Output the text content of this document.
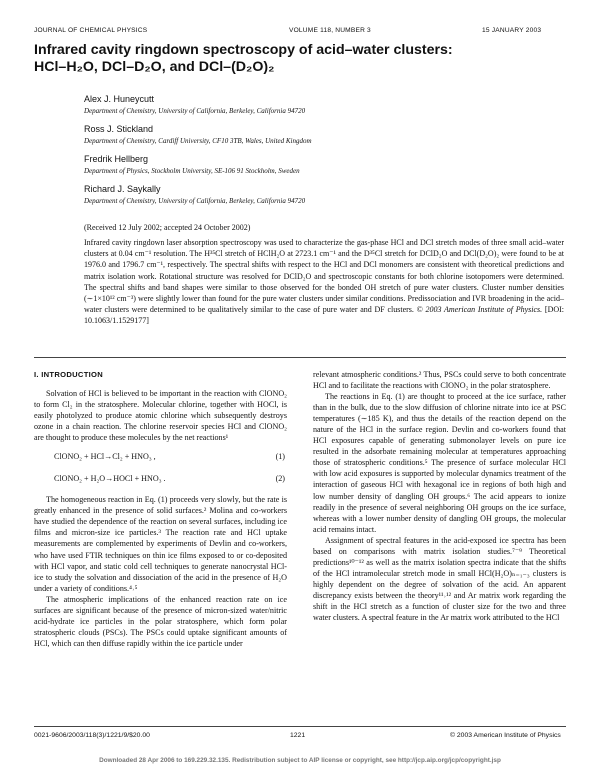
JOURNAL OF CHEMICAL PHYSICS	VOLUME 118, NUMBER 3	15 JANUARY 2003
Infrared cavity ringdown spectroscopy of acid–water clusters:
HCl–H₂O, DCl–D₂O, and DCl–(D₂O)₂
Alex J. Huneycutt
Department of Chemistry, University of California, Berkeley, California 94720
Ross J. Stickland
Department of Chemistry, Cardiff University, CF10 3TB, Wales, United Kingdom
Fredrik Hellberg
Department of Physics, Stockholm University, SE-106 91 Stockholm, Sweden
Richard J. Saykally
Department of Chemistry, University of California, Berkeley, California 94720
(Received 12 July 2002; accepted 24 October 2002)
Infrared cavity ringdown laser absorption spectroscopy was used to characterize the gas-phase HCl and DCl stretch modes of three small acid–water clusters at 0.04 cm⁻¹ resolution. The H³⁵Cl stretch of HClH₂O at 2723.1 cm⁻¹ and the D³⁵Cl stretch for DClD₂O and DCl(D₂O)₂ were found to be at 1976.0 and 1796.7 cm⁻¹, respectively. The spectral shifts with respect to the HCl and DCl monomers are consistent with theoretical predictions and matrix isolation work. Rotational structure was resolved for DClD₂O and spectroscopic constants for both chlorine isotopomers were determined. The spectral shifts and band shapes were similar to those observed for the bonded OH stretch of pure water clusters. Cluster number densities (∼1×10¹² cm⁻³) were slightly lower than found for the pure water clusters under similar conditions. Predissociation and IVR broadening in the acid–water clusters were determined to be qualitatively similar to the case of pure water and DF clusters. © 2003 American Institute of Physics. [DOI: 10.1063/1.1529177]
I. INTRODUCTION

Solvation of HCl is believed to be important in the reaction with ClONO₂ to form Cl₂ in the stratosphere. Molecular chlorine, together with HOCl, is easily photolyzed to produce atomic chlorine which subsequently destroys ozone in a chain reaction. The chlorine reservoir species HCl and ClONO₂ are thought to produce these molecules by the net reactions¹

ClONO₂ + HCl→Cl₂ + HNO₃ ,	(1)
ClONO₂ + H₂O→HOCl + HNO₃ .	(2)

The homogeneous reaction in Eq. (1) proceeds very slowly, but the rate is greatly enhanced in the presence of solid surfaces.² Molina and co-workers have studied the dependence of the reaction on several surfaces, including ice films and micron-size ice particles.³ The reaction rate and HCl uptake measurements are complemented by experiments of Devlin and co-workers, who have used FTIR techniques on thin ice films exposed to or co-deposited with HCl vapor, and static cold cell techniques to generate nanocrystal HCl-ice to study the solvation and dissociation of the acid in the presence of H₂O under a variety of conditions.⁴˒⁵

The atmospheric implications of the enhanced reaction rate on ice surfaces are significant because of the presence of micron-sized water/nitric acid-hydrate ice particles in the polar stratosphere, which form polar stratospheric clouds (PSCs). The PSCs could uptake significant amounts of HCl, which can then diffuse rapidly within the ice particle under

relevant atmospheric conditions.² Thus, PSCs could serve to both concentrate HCl and to facilitate the reactions with ClONO₂ in the polar stratosphere.

The reactions in Eq. (1) are thought to proceed at the ice surface, rather than in the bulk, due to the slow diffusion of chlorine nitrate into ice at PSC temperatures (∼185 K), and thus the details of the reaction depend on the nature of the HCl in the surface region. Devlin and co-workers found that HCl exposures capable of generating submonolayer levels on pure ice resulted in the adsorbate remaining molecular at temperatures approaching those of stratospheric conditions.⁵ The presence of surface molecular HCl with low acid exposures is supported by molecular dynamics treatment of the interaction of gaseous HCl with hexagonal ice in regions of both high and low number density of dangling OH groups.⁶ The acid appears to ionize readily in the presence of several neighboring OH groups on the ice surface, whereas with a lower number density of dangling OH groups, the molecular acid remains intact.

Assignment of spectral features in the acid-exposed ice spectra has been based on comparisons with matrix isolation studies.⁷⁻⁹ Theoretical predictions¹⁰⁻¹² as well as the matrix isolation spectra indicate that the shifts of the HCl intramolecular stretch mode in small HCl(H₂O)ₙ₌₁₋₃ clusters is highly dependent on the degree of solvation of the acid. An apparent discrepancy exists between the theory¹¹˒¹² and Ar matrix work regarding the shift in the HCl stretch as a function of cluster size for the two and three water clusters. A spectral feature in the Ar matrix work attributed to the HCl

0021-9606/2003/118(3)/1221/9/$20.00	1221	© 2003 American Institute of Physics
Downloaded 28 Apr 2006 to 169.229.32.135. Redistribution subject to AIP license or copyright, see http://jcp.aip.org/jcp/copyright.jsp
